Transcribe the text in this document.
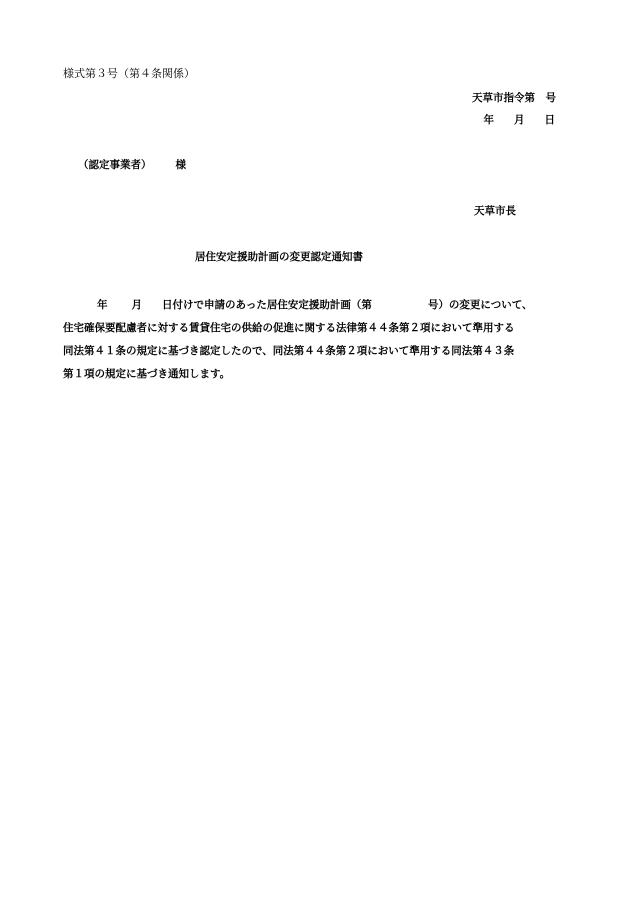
様式第３号（第４条関係）
天草市指令第　号
年 月 日
（認定事業者） 様
天草市長
居住安定援助計画の変更認定通知書
年 月 日付けで申請のあった居住安定援助計画（第	号）の変更について、
住宅確保要配慮者に対する賃貸住宅の供給の促進に関する法律第４４条第２項において準用する
同法第４１条の規定に基づき認定したので、同法第４４条第２項において準用する同法第４３条
第１項の規定に基づき通知します。
